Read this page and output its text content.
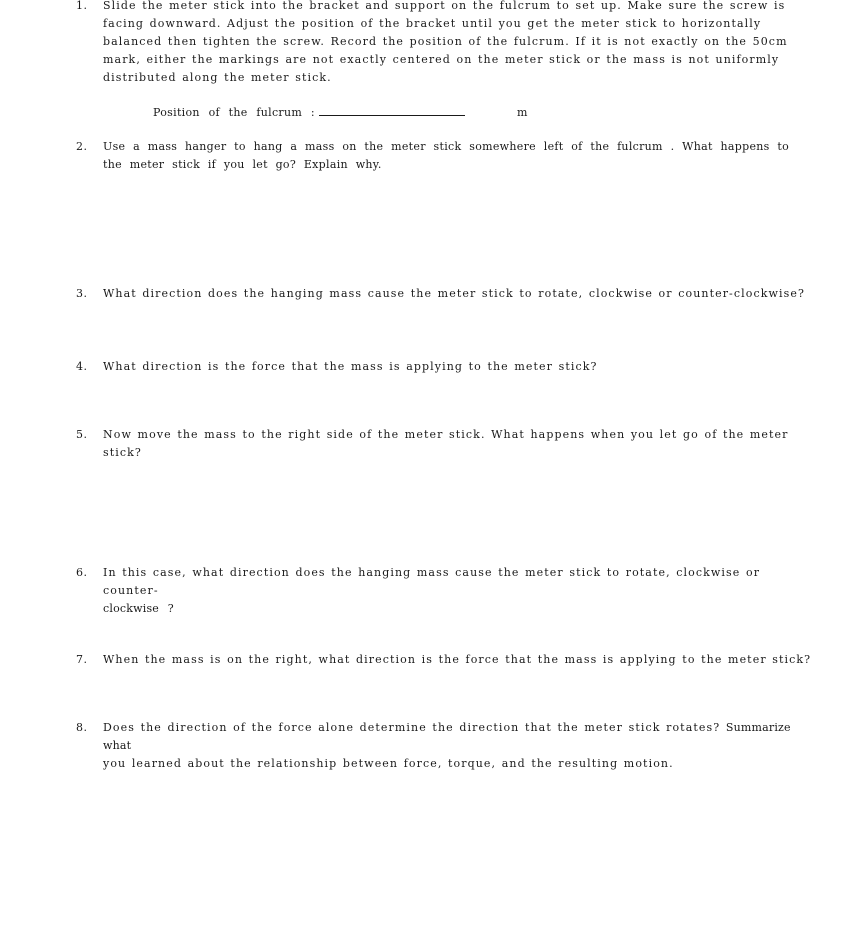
1.	Slide the meter stick into the bracket and support on the fulcrum to set up. Make sure the screw is facing downward. Adjust the position of the bracket until you get the meter stick to horizontally balanced then tighten the screw. Record the position of the fulcrum. If it is not exactly on the 50cm mark, either the markings are not exactly centered on the meter stick or the mass is not uniformly distributed along the meter stick.
Position of the fulcrum :	m
2.	Use a mass hanger to hang a mass on the meter stick somewhere left of the fulcrum . What happens to the meter stick if you let go? Explain why.
3.	What direction does the hanging mass cause the meter stick to rotate, clockwise or counter-clockwise?
4.	What direction is the force that the mass is applying to the meter stick?
5.	Now move the mass to the right side of the meter stick. What happens when you let go of the meter stick?
6.	In this case, what direction does the hanging mass cause the meter stick to rotate, clockwise or counter-
clockwise ?
7.	When the mass is on the right, what direction is the force that the mass is applying to the meter stick?
8.	Does the direction of the force alone determine the direction that the meter stick rotates? Summarize what
you learned about the relationship between force, torque, and the resulting motion.
